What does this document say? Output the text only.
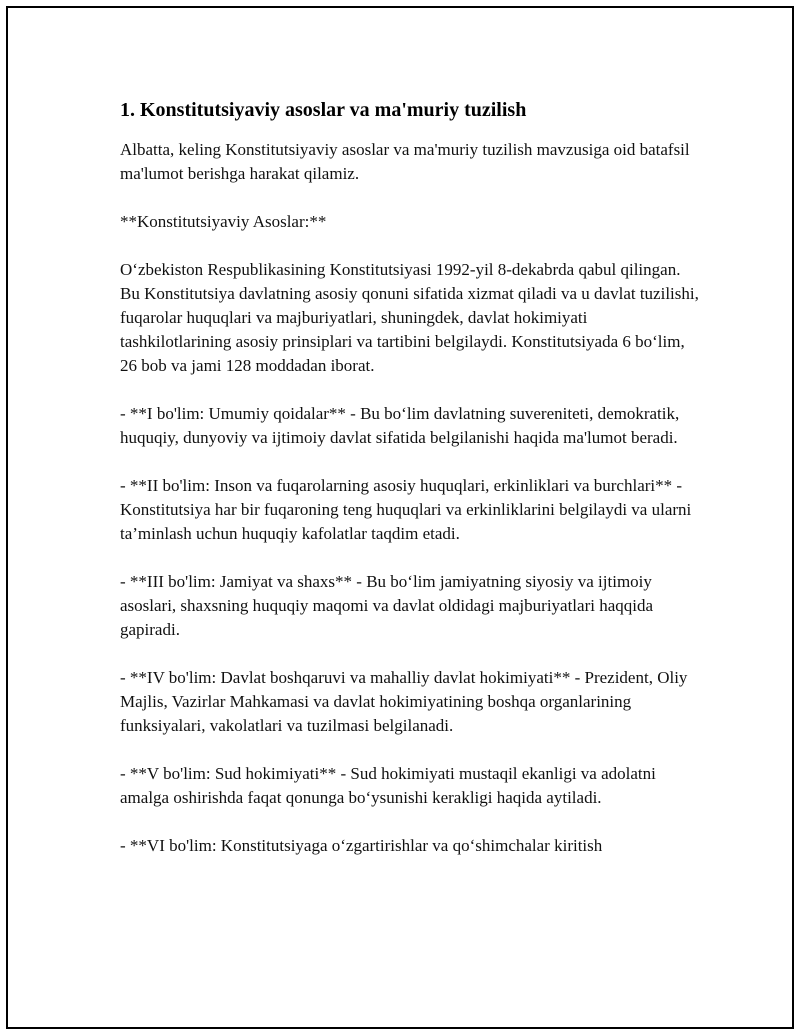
1. Konstitutsiyaviy asoslar va ma'muriy tuzilish

Albatta, keling Konstitutsiyaviy asoslar va ma'muriy tuzilish mavzusiga oid batafsil ma'lumot berishga harakat qilamiz.

**Konstitutsiyaviy Asoslar:**

O‘zbekiston Respublikasining Konstitutsiyasi 1992-yil 8-dekabrda qabul qilingan. Bu Konstitutsiya davlatning asosiy qonuni sifatida xizmat qiladi va u davlat tuzilishi, fuqarolar huquqlari va majburiyatlari, shuningdek, davlat hokimiyati tashkilotlarining asosiy prinsiplari va tartibini belgilaydi. Konstitutsiyada 6 bo‘lim, 26 bob va jami 128 moddadan iborat.

- **I bo'lim: Umumiy qoidalar** - Bu bo‘lim davlatning suvereniteti, demokratik, huquqiy, dunyoviy va ijtimoiy davlat sifatida belgilanishi haqida ma'lumot beradi.

- **II bo'lim: Inson va fuqarolarning asosiy huquqlari, erkinliklari va burchlari** - Konstitutsiya har bir fuqaroning teng huquqlari va erkinliklarini belgilaydi va ularni ta’minlash uchun huquqiy kafolatlar taqdim etadi.

- **III bo'lim: Jamiyat va shaxs** - Bu bo‘lim jamiyatning siyosiy va ijtimoiy asoslari, shaxsning huquqiy maqomi va davlat oldidagi majburiyatlari haqqida gapiradi.

- **IV bo'lim: Davlat boshqaruvi va mahalliy davlat hokimiyati** - Prezident, Oliy Majlis, Vazirlar Mahkamasi va davlat hokimiyatining boshqa organlarining funksiyalari, vakolatlari va tuzilmasi belgilanadi.

- **V bo'lim: Sud hokimiyati** - Sud hokimiyati mustaqil ekanligi va adolatni amalga oshirishda faqat qonunga bo‘ysunishi kerakligi haqida aytiladi.

- **VI bo'lim: Konstitutsiyaga o‘zgartirishlar va qo‘shimchalar kiritish
